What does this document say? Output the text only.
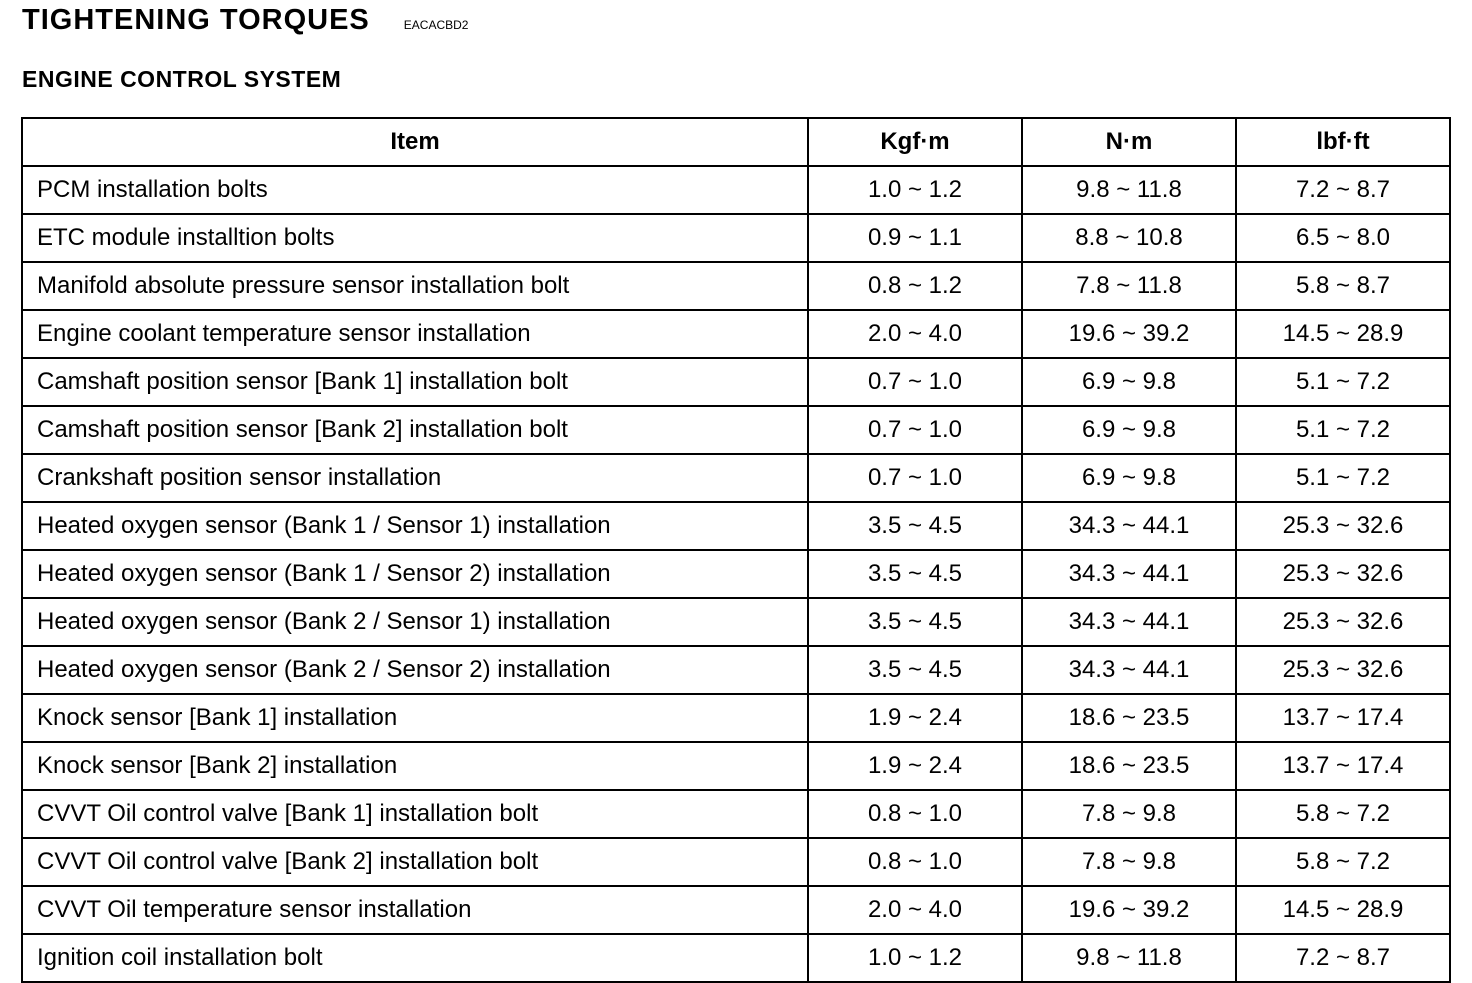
TIGHTENING TORQUES	EACACBD2
ENGINE CONTROL SYSTEM
Item	Kgf·m	N·m	lbf·ft
PCM installation bolts	1.0 ~ 1.2	9.8 ~ 11.8	7.2 ~ 8.7
ETC module installtion bolts	0.9 ~ 1.1	8.8 ~ 10.8	6.5 ~ 8.0
Manifold absolute pressure sensor installation bolt	0.8 ~ 1.2	7.8 ~ 11.8	5.8 ~ 8.7
Engine coolant temperature sensor installation	2.0 ~ 4.0	19.6 ~ 39.2	14.5 ~ 28.9
Camshaft position sensor [Bank 1] installation bolt	0.7 ~ 1.0	6.9 ~ 9.8	5.1 ~ 7.2
Camshaft position sensor [Bank 2] installation bolt	0.7 ~ 1.0	6.9 ~ 9.8	5.1 ~ 7.2
Crankshaft position sensor installation	0.7 ~ 1.0	6.9 ~ 9.8	5.1 ~ 7.2
Heated oxygen sensor (Bank 1 / Sensor 1) installation	3.5 ~ 4.5	34.3 ~ 44.1	25.3 ~ 32.6
Heated oxygen sensor (Bank 1 / Sensor 2) installation	3.5 ~ 4.5	34.3 ~ 44.1	25.3 ~ 32.6
Heated oxygen sensor (Bank 2 / Sensor 1) installation	3.5 ~ 4.5	34.3 ~ 44.1	25.3 ~ 32.6
Heated oxygen sensor (Bank 2 / Sensor 2) installation	3.5 ~ 4.5	34.3 ~ 44.1	25.3 ~ 32.6
Knock sensor [Bank 1] installation	1.9 ~ 2.4	18.6 ~ 23.5	13.7 ~ 17.4
Knock sensor [Bank 2] installation	1.9 ~ 2.4	18.6 ~ 23.5	13.7 ~ 17.4
CVVT Oil control valve [Bank 1] installation bolt	0.8 ~ 1.0	7.8 ~ 9.8	5.8 ~ 7.2
CVVT Oil control valve [Bank 2] installation bolt	0.8 ~ 1.0	7.8 ~ 9.8	5.8 ~ 7.2
CVVT Oil temperature sensor installation	2.0 ~ 4.0	19.6 ~ 39.2	14.5 ~ 28.9
Ignition coil installation bolt	1.0 ~ 1.2	9.8 ~ 11.8	7.2 ~ 8.7
